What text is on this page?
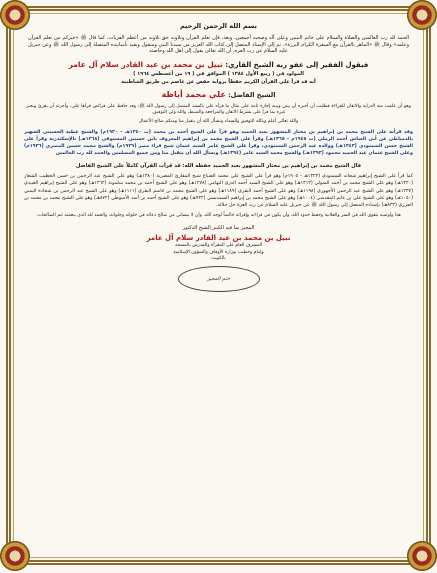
بسم الله الرحمن الرحيم

الحمد لله رب العالمين والصلاة والسلام على خاتم النبيين وعلى آله وصحبه أجمعين، وبعد، فإن تعلم القرآن وتلاوته حق تلاوته من أعظم القربات، كما قال ﷺ «خيركم من تعلم القرآن وعلمه» وقال ﷺ «الماهر بالقرآن مع السفرة الكرام البررة». تم إلى الإسناد المتصل إلى كتاب الله العزيز من سيدنا النبي ومنقول ويقيد بأسانيده المتصلة إلى رسول الله ﷺ وعن جبريل عليه السلام عن رب العزة، أن الله تعالى يقول إلى أهل الله وخاصته

فيقول الفقير إلى عفو ربه الشيخ القاري: نبيل بن محمد بن عبد القادر سلام آل عامر

المولود في ( ربيع الأول ١٣٨٤ ) الموافق في ( ١٩ من أغسطس ١٩٦٤ )

أنه قد قرأ علي القرآن الكريم حفظاً برواية حفص عن عاصم من طريق الشاطبية

الشيخ الفاضل: علي محمد أباظة

وهو أن علمت منه الدراية والاتقان للقراءة فطلبت أن أجيزه أن بيني وبينه إجازة تامة على مثال ما قرأه علي بالسند المتصل إلى رسول الله ﷺ، وقد حافظ على فرائض قرأها على، وأجزته أن يقرئ ويجيز غيره بما قرأ على بشرط الاتقان والمراجعة والضبط، والله ولي التوفيق.

والله تعالى أعلم وبالله التوفيق والسداد ونسأل الله أن يتقبل منا ومنكم صالح الأعمال

وقد قرأته على الشيخ محمد بن إبراهيم بن مختار المشهور بعبد الحميد وهو قرأ على الشيخ أحمد بن محمد (ت ١٣٤٠هـ - ١٩٢٠م) والشيخ عطية الحسيني الشهير بالدمياطي عن أبي العباس أحمد الرملي (ت ١٩٤٥م - ١٣٦٥هـ) وقرأ على الشيخ محمد بن إبراهيم المعروف بابن حسنين المستوفى (١٢٦٨هـ) بالإسكندرية وقرأ على الشيخ حسن السمنودي (١٣٤٣هـ) ووالده عبد الرحمن السمنودي، وقرأ علي الشيخ عامر السيد عثمان شيخ قراء مصر (١٩٢٩م) والشيخ محمد حسين المصري (١٩٣٦م) وعلي الشيخ عثمان عبد الحميد محمود (١٣٩٣هـ) والشيخ محمد السيد عامر (١٣٩٤هـ) ونسأل الله أن يتقبل منا ومن جميع المسلمين والحمد لله رب العالمين

قال الشيخ محمد بن إبراهيم بن مختار المشهور بعبد الحميد حفظه الله: قد قرأت القرآن كاملاً على الشيخ الفاضل

كما قرأ على الشيخ إبراهيم شحاته السمنودي (١٣٢٣هـ - ١٩٠٥م) وهو قرأ على الشيخ علي محمد الضباع شيخ المقارئ المصرية (١٣٨٠هـ) وهو على الشيخ عبد الرحمن بن حسن الخطيب الشعار (١٣٢٠هـ) وهو على الشيخ محمد بن أحمد المتولي (١٣١٣هـ) وهو على الشيخ السيد أحمد الدري التهامي (١٢٧٨هـ) وهو على الشيخ أحمد بن محمد سلمونة (١٢٦٢هـ) وهو على الشيخ إبراهيم العبيدي (١٢٣٧هـ) وهو على الشيخ عبد الرحمن الأجهوري (١١٩٨هـ) وهو على الشيخ أحمد البقري (١١٨٩هـ) وهو على الشيخ محمد بن قاسم البقري (١١١١هـ) وهو على الشيخ عبد الرحمن بن شحاذة اليمني (١٠٥٠هـ) وهو على الشيخ علي بن غانم المقدسي (١٠٠٤هـ) وهو على الشيخ محمد بن إبراهيم السمديسي (٩٣٢هـ) وهو على الشيخ أحمد بن أسد الأميوطي (٨٧٢هـ) وهو على الشيخ محمد بن محمد بن الجزري (٨٣٣هـ) بإسناده المتصل إلى رسول الله ﷺ عن جبريل عليه السلام عن رب العزة جل جلاله.

هذا وأوصيه بتقوى الله في السر والعلانية وحفظ حدود الله، وأن يكون في قراءته وإقرائه خالصاً لوجه الله، وأن لا ينساني من صالح دعائه في خلواته وجلواته، والحمد لله الذي بنعمته تتم الصالحات.

المجيز بما فيه الكبير الشيخ الدكتور

نبيل بن محمد بن عبد القادر سلام آل عامر

المشرف العام على المقرأة والمدرس بالمسجد

وإمام وخطيب بوزارة الأوقاف والشؤون الإسلامية

بالكويت

ختم المجيز
